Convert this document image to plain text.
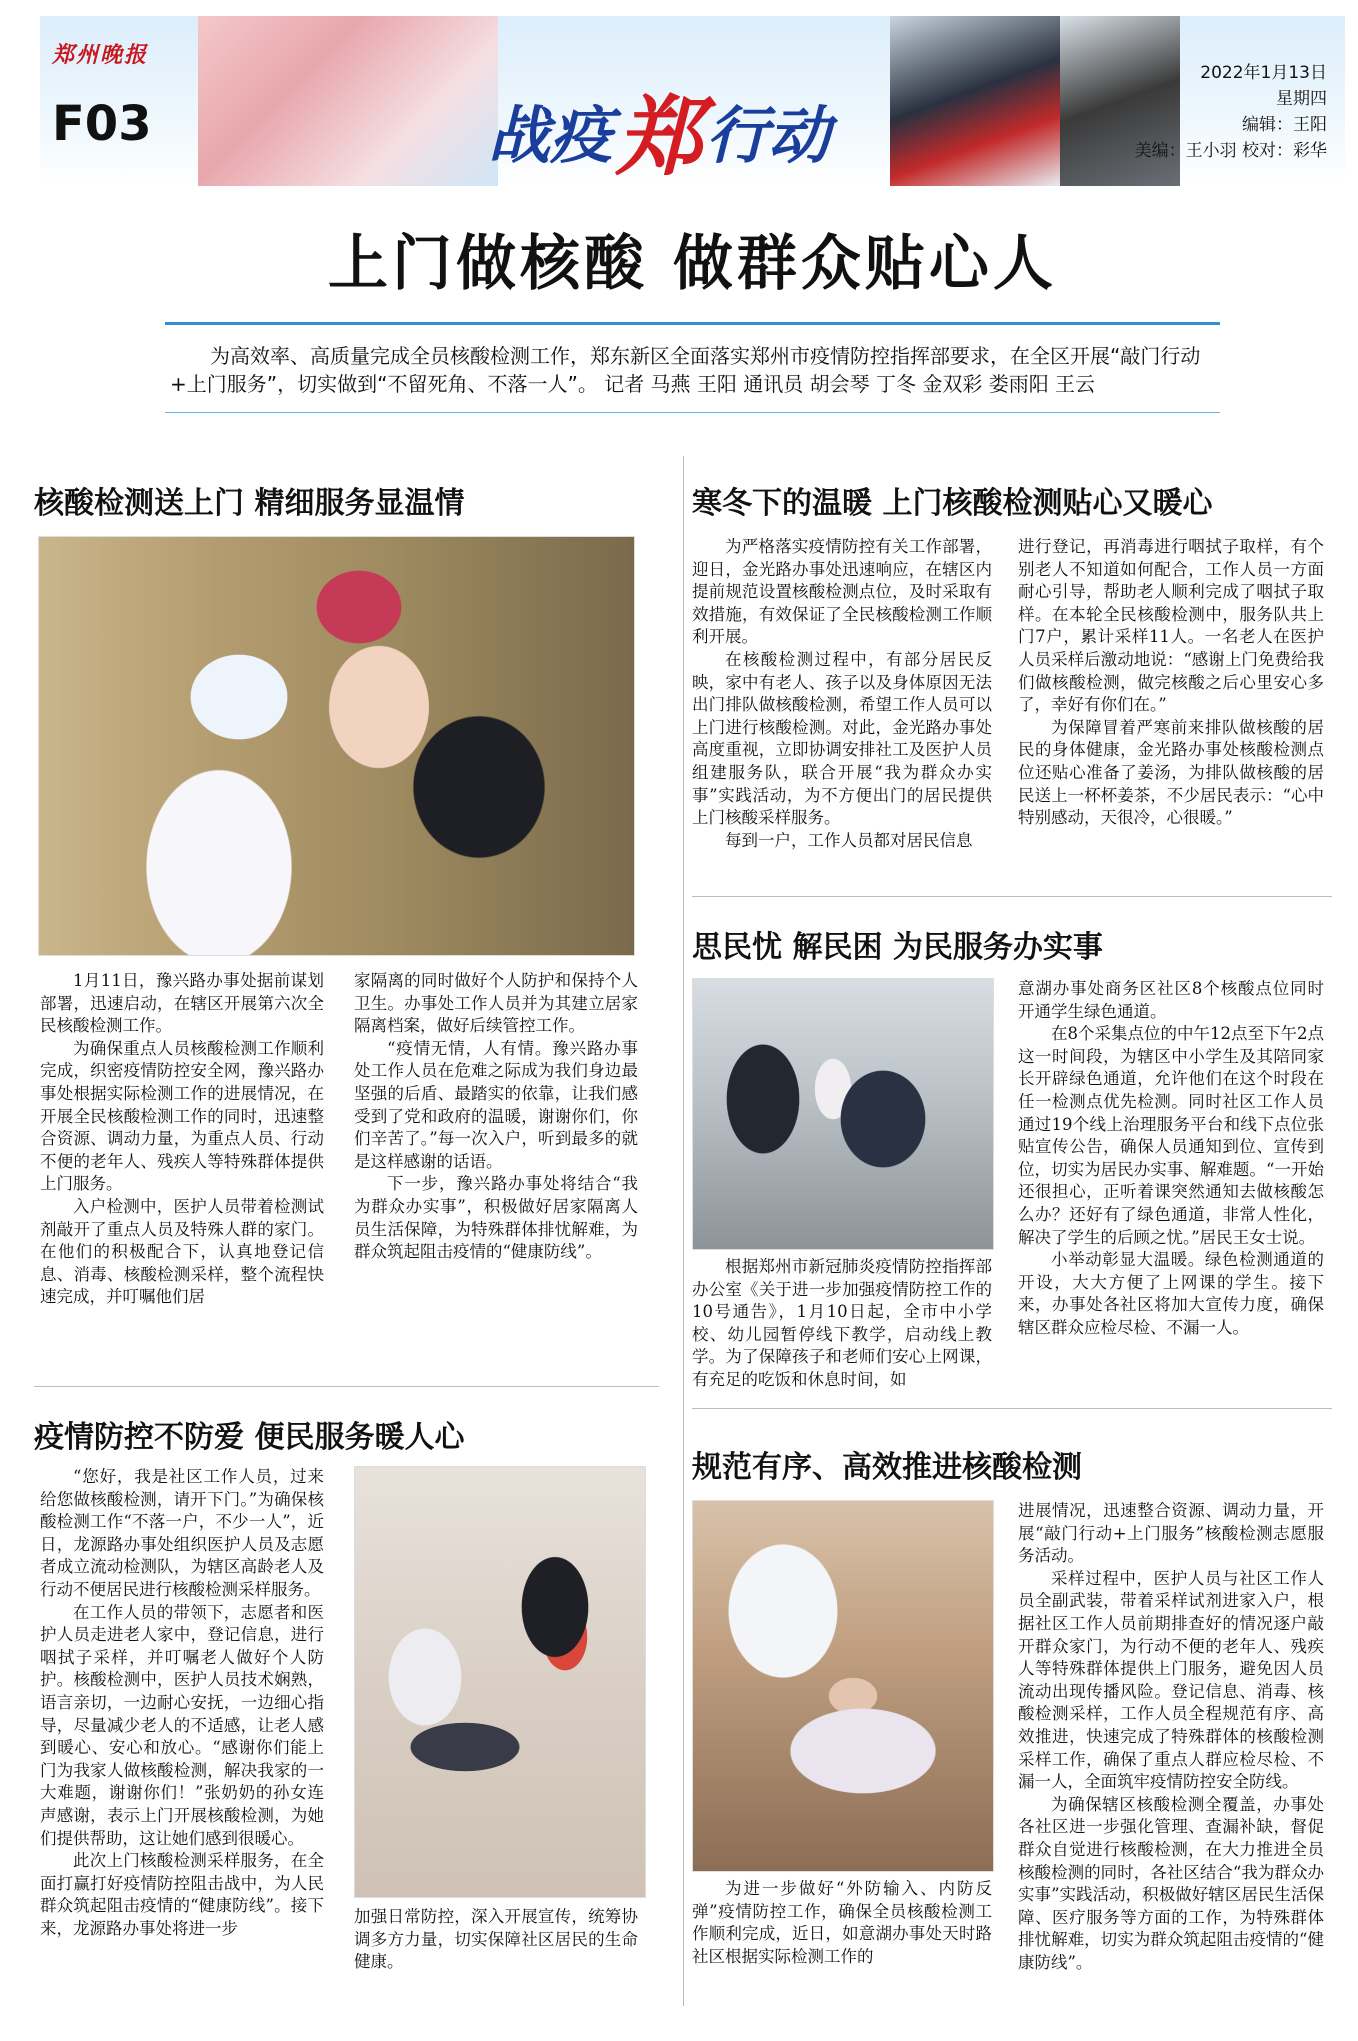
郑州晚报
F03	战疫郑行动
2022年1月13日
星期四
编辑：王阳
美编：王小羽 校对：彩华
上门做核酸 做群众贴心人
为高效率、高质量完成全员核酸检测工作，郑东新区全面落实郑州市疫情防控指挥部要求，在全区开展“敲门行动+上门服务”，切实做到“不留死角、不落一人”。 记者 马燕 王阳 通讯员 胡会琴 丁冬 金双彩 娄雨阳 王云
核酸检测送上门 精细服务显温情

1月11日，豫兴路办事处据前谋划部署，迅速启动，在辖区开展第六次全民核酸检测工作。

为确保重点人员核酸检测工作顺利完成，织密疫情防控安全网，豫兴路办事处根据实际检测工作的进展情况，在开展全民核酸检测工作的同时，迅速整合资源、调动力量，为重点人员、行动不便的老年人、残疾人等特殊群体提供上门服务。

入户检测中，医护人员带着检测试剂敲开了重点人员及特殊人群的家门。在他们的积极配合下，认真地登记信息、消毒、核酸检测采样，整个流程快速完成，并叮嘱他们居

家隔离的同时做好个人防护和保持个人卫生。办事处工作人员并为其建立居家隔离档案，做好后续管控工作。

“疫情无情，人有情。豫兴路办事处工作人员在危难之际成为我们身边最坚强的后盾、最踏实的依靠，让我们感受到了党和政府的温暖，谢谢你们，你们辛苦了。”每一次入户，听到最多的就是这样感谢的话语。

下一步，豫兴路办事处将结合“我为群众办实事”，积极做好居家隔离人员生活保障，为特殊群体排忧解难，为群众筑起阻击疫情的“健康防线”。

寒冬下的温暖 上门核酸检测贴心又暖心

为严格落实疫情防控有关工作部署，迎日，金光路办事处迅速响应，在辖区内提前规范设置核酸检测点位，及时采取有效措施，有效保证了全民核酸检测工作顺利开展。

在核酸检测过程中，有部分居民反映，家中有老人、孩子以及身体原因无法出门排队做核酸检测，希望工作人员可以上门进行核酸检测。对此，金光路办事处高度重视，立即协调安排社工及医护人员组建服务队，联合开展“我为群众办实事”实践活动，为不方便出门的居民提供上门核酸采样服务。

每到一户，工作人员都对居民信息

进行登记，再消毒进行咽拭子取样，有个别老人不知道如何配合，工作人员一方面耐心引导，帮助老人顺利完成了咽拭子取样。在本轮全民核酸检测中，服务队共上门7户，累计采样11人。一名老人在医护人员采样后激动地说：“感谢上门免费给我们做核酸检测，做完核酸之后心里安心多了，幸好有你们在。”

为保障冒着严寒前来排队做核酸的居民的身体健康，金光路办事处核酸检测点位还贴心准备了姜汤，为排队做核酸的居民送上一杯杯姜茶，不少居民表示：“心中特别感动，天很冷，心很暖。”

思民忧 解民困 为民服务办实事

根据郑州市新冠肺炎疫情防控指挥部办公室《关于进一步加强疫情防控工作的10号通告》，1月10日起，全市中小学校、幼儿园暂停线下教学，启动线上教学。为了保障孩子和老师们安心上网课，有充足的吃饭和休息时间，如

意湖办事处商务区社区8个核酸点位同时开通学生绿色通道。

在8个采集点位的中午12点至下午2点这一时间段，为辖区中小学生及其陪同家长开辟绿色通道，允许他们在这个时段在任一检测点优先检测。同时社区工作人员通过19个线上治理服务平台和线下点位张贴宣传公告，确保人员通知到位、宣传到位，切实为居民办实事、解难题。“一开始还很担心，正听着课突然通知去做核酸怎么办？还好有了绿色通道，非常人性化，解决了学生的后顾之忧。”居民王女士说。

小举动彰显大温暖。绿色检测通道的开设，大大方便了上网课的学生。接下来，办事处各社区将加大宣传力度，确保辖区群众应检尽检、不漏一人。

疫情防控不防爱 便民服务暖人心

“您好，我是社区工作人员，过来给您做核酸检测，请开下门。”为确保核酸检测工作“不落一户，不少一人”，近日，龙源路办事处组织医护人员及志愿者成立流动检测队，为辖区高龄老人及行动不便居民进行核酸检测采样服务。

在工作人员的带领下，志愿者和医护人员走进老人家中，登记信息，进行咽拭子采样，并叮嘱老人做好个人防护。核酸检测中，医护人员技术娴熟，语言亲切，一边耐心安抚，一边细心指导，尽量减少老人的不适感，让老人感到暖心、安心和放心。“感谢你们能上门为我家人做核酸检测，解决我家的一大难题，谢谢你们！”张奶奶的孙女连声感谢，表示上门开展核酸检测，为她们提供帮助，这让她们感到很暖心。

此次上门核酸检测采样服务，在全面打赢打好疫情防控阻击战中，为人民群众筑起阻击疫情的“健康防线”。接下来，龙源路办事处将进一步

加强日常防控，深入开展宣传，统筹协调多方力量，切实保障社区居民的生命健康。

规范有序、高效推进核酸检测

为进一步做好“外防输入、内防反弹”疫情防控工作，确保全员核酸检测工作顺利完成，近日，如意湖办事处天时路社区根据实际检测工作的

进展情况，迅速整合资源、调动力量，开展“敲门行动+上门服务”核酸检测志愿服务活动。

采样过程中，医护人员与社区工作人员全副武装，带着采样试剂进家入户，根据社区工作人员前期排查好的情况逐户敲开群众家门，为行动不便的老年人、残疾人等特殊群体提供上门服务，避免因人员流动出现传播风险。登记信息、消毒、核酸检测采样，工作人员全程规范有序、高效推进，快速完成了特殊群体的核酸检测采样工作，确保了重点人群应检尽检、不漏一人，全面筑牢疫情防控安全防线。

为确保辖区核酸检测全覆盖，办事处各社区进一步强化管理、查漏补缺，督促群众自觉进行核酸检测，在大力推进全员核酸检测的同时，各社区结合“我为群众办实事”实践活动，积极做好辖区居民生活保障、医疗服务等方面的工作，为特殊群体排忧解难，切实为群众筑起阻击疫情的“健康防线”。
